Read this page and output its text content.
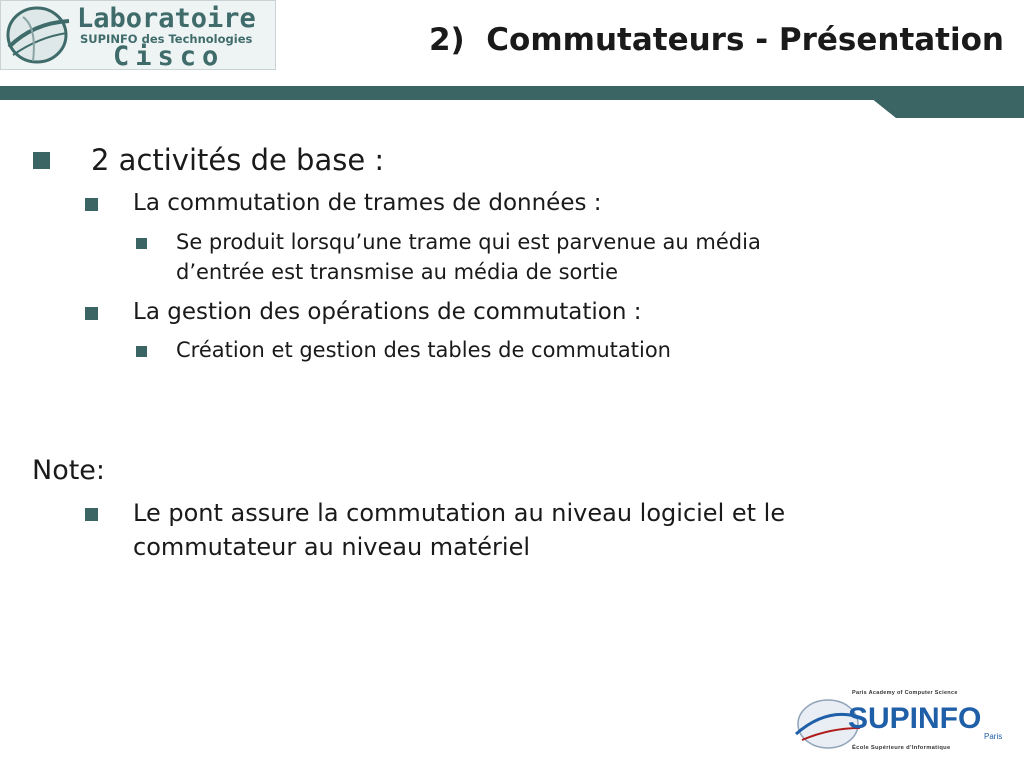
Laboratoire
SUPINFO des Technologies
Cisco	2)  Commutateurs - Présentation
2 activités de base :
La commutation de trames de données :
Se produit lorsqu’une trame qui est parvenue au média
d’entrée est transmise au média de sortie
La gestion des opérations de commutation :
Création et gestion des tables de commutation
Note:
Le pont assure la commutation au niveau logiciel et le
commutateur au niveau matériel
Paris Academy of Computer Science
SUPINFO
Paris
École Supérieure d’Informatique
